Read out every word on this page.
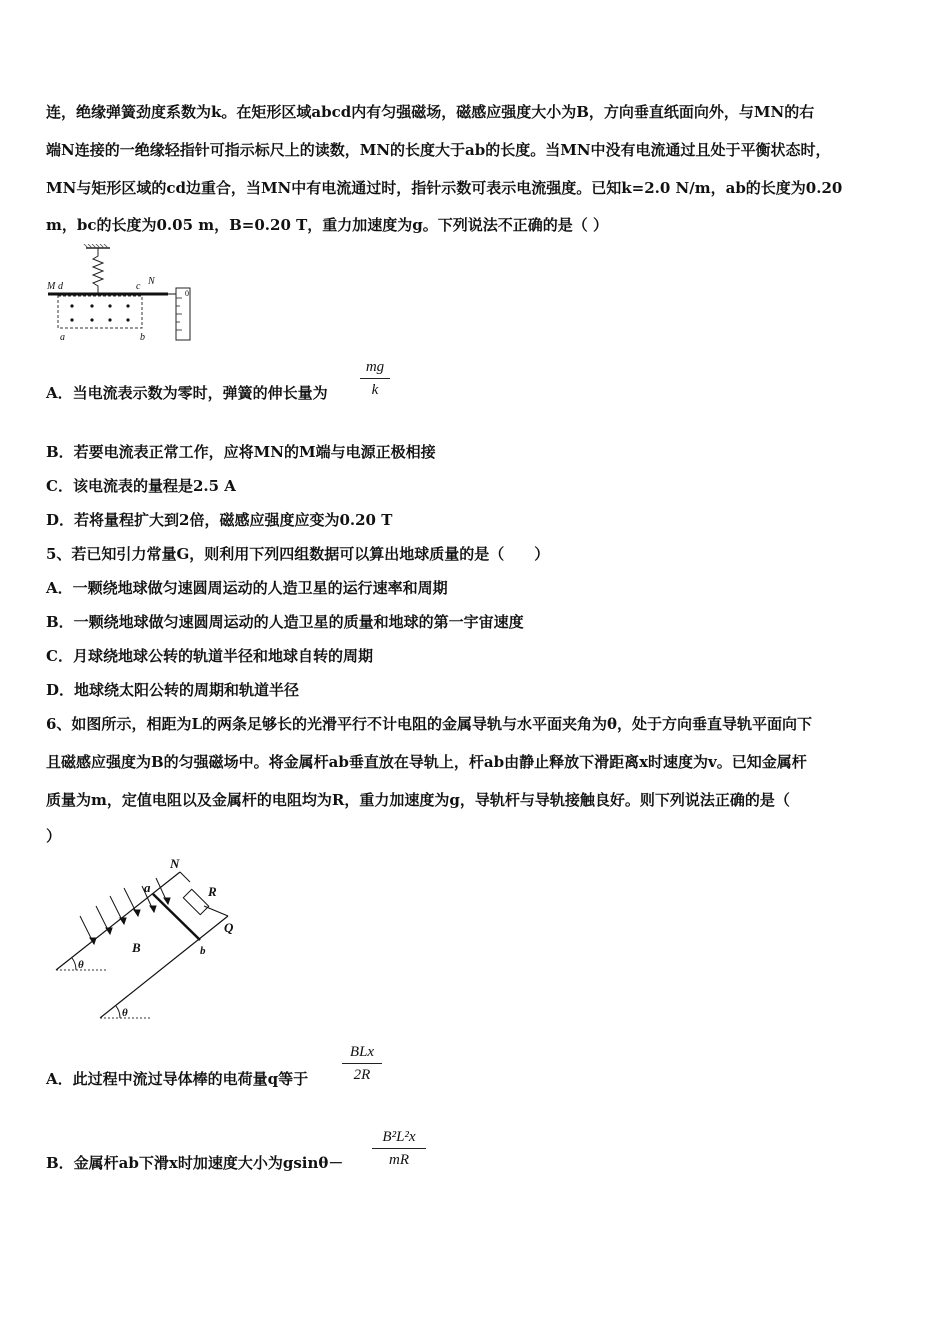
连，绝缘弹簧劲度系数为k。在矩形区域abcd内有匀强磁场，磁感应强度大小为B，方向垂直纸面向外，与MN的右
端N连接的一绝缘轻指针可指示标尺上的读数，MN的长度大于ab的长度。当MN中没有电流通过且处于平衡状态时，
MN与矩形区域的cd边重合，当MN中有电流通过时，指针示数可表示电流强度。已知k=2.0 N/m，ab的长度为0.20
m，bc的长度为0.05 m，B=0.20 T，重力加速度为g。下列说法不正确的是（ ）
M d	c N
a	b
0
A．当电流表示数为零时，弹簧的伸长量为
mg
k
B．若要电流表正常工作，应将MN的M端与电源正极相接
C．该电流表的量程是2.5 A
D．若将量程扩大到2倍，磁感应强度应变为0.20 T
5、若已知引力常量G，则利用下列四组数据可以算出地球质量的是（　　）
A．一颗绕地球做匀速圆周运动的人造卫星的运行速率和周期
B．一颗绕地球做匀速圆周运动的人造卫星的质量和地球的第一宇宙速度
C．月球绕地球公转的轨道半径和地球自转的周期
D．地球绕太阳公转的周期和轨道半径
6、如图所示，相距为L的两条足够长的光滑平行不计电阻的金属导轨与水平面夹角为θ，处于方向垂直导轨平面向下
且磁感应强度为B的匀强磁场中。将金属杆ab垂直放在导轨上，杆ab由静止释放下滑距离x时速度为v。已知金属杆
质量为m，定值电阻以及金属杆的电阻均为R，重力加速度为g，导轨杆与导轨接触良好。则下列说法正确的是（
）
N
R
a
Q
B	b
θ
θ
A．此过程中流过导体棒的电荷量q等于
BLx
2R
B．金属杆ab下滑x时加速度大小为gsinθ－
B²L²x
mR
